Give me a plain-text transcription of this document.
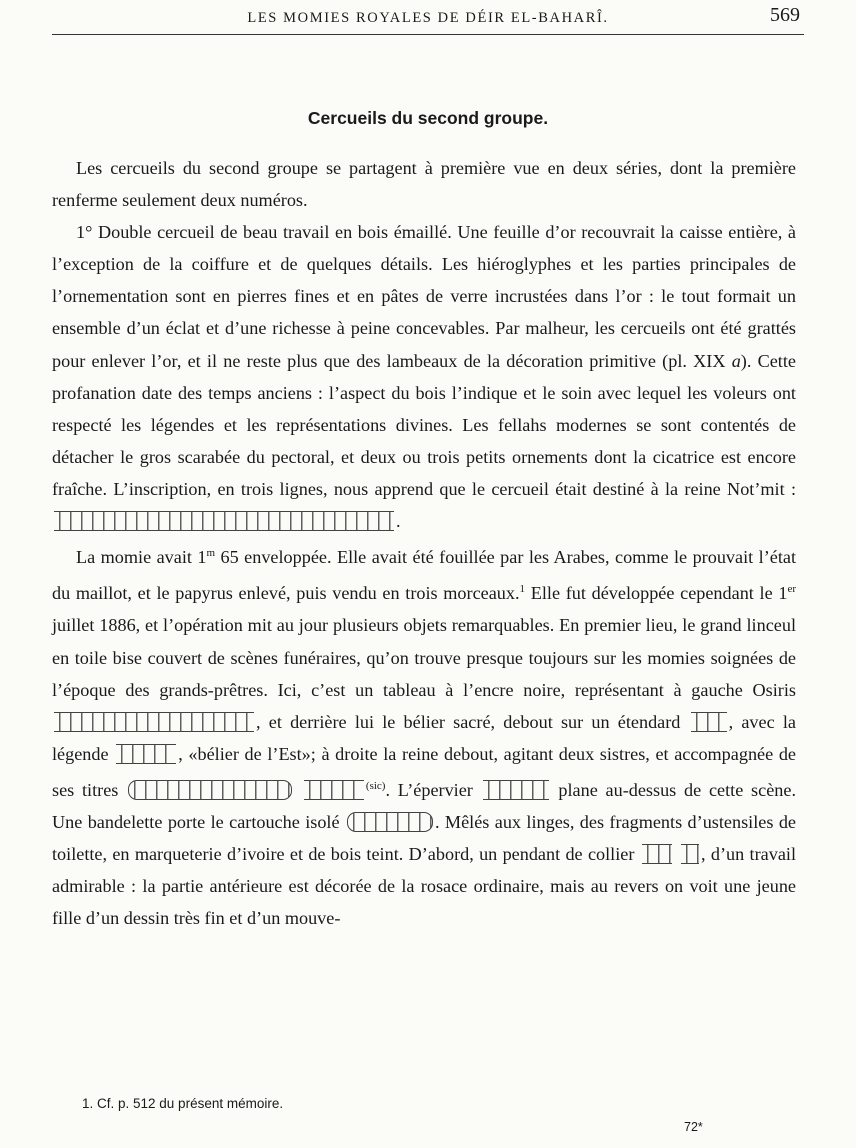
LES MOMIES ROYALES DE DÉIR EL-BAHARÎ.	569
Cercueils du second groupe.

Les cercueils du second groupe se partagent à première vue en deux séries, dont la première renferme seulement deux numéros.

1° Double cercueil de beau travail en bois émaillé. Une feuille d’or recouvrait la caisse entière, à l’exception de la coiffure et de quelques détails. Les hiéroglyphes et les parties principales de l’ornementation sont en pierres fines et en pâtes de verre incrustées dans l’or : le tout formait un ensemble d’un éclat et d’une richesse à peine concevables. Par malheur, les cercueils ont été grattés pour enlever l’or, et il ne reste plus que des lambeaux de la décoration primitive (pl. XIX a). Cette profanation date des temps anciens : l’aspect du bois l’indique et le soin avec lequel les voleurs ont respecté les légendes et les représentations divines. Les fellahs modernes se sont contentés de détacher le gros scarabée du pectoral, et deux ou trois petits ornements dont la cicatrice est encore fraîche. L’inscription, en trois lignes, nous apprend que le cercueil était destiné à la reine Not’mit : .

La momie avait 1$^m$ 65 enveloppée. Elle avait été fouillée par les Arabes, comme le prouvait l’état du maillot, et le papyrus enlevé, puis vendu en trois morceaux.$^1$ Elle fut développée cependant le 1er juillet 1886, et l’opération mit au jour plusieurs objets remarquables. En premier lieu, le grand linceul en toile bise couvert de scènes funéraires, qu’on trouve presque toujours sur les momies soignées de l’époque des grands-prêtres. Ici, c’est un tableau à l’encre noire, représentant à gauche Osiris , et derrière lui le bélier sacré, debout sur un étendard , avec la légende	, «bélier de l’Est»; à droite la reine debout, agitant deux sistres, et accompagnée de ses titres	$^{(sic)}$. L’épervier	plane au-dessus de cette scène. Une bandelette porte le cartouche isolé	. Mêlés aux linges, des fragments d’ustensiles de toilette, en marqueterie d’ivoire et de bois teint. D’abord, un pendant de collier	, d’un travail admirable : la partie antérieure est décorée de la rosace ordinaire, mais au revers on voit une jeune fille d’un dessin très fin et d’un mouve-

1. Cf. p. 512 du présent mémoire.
72*
